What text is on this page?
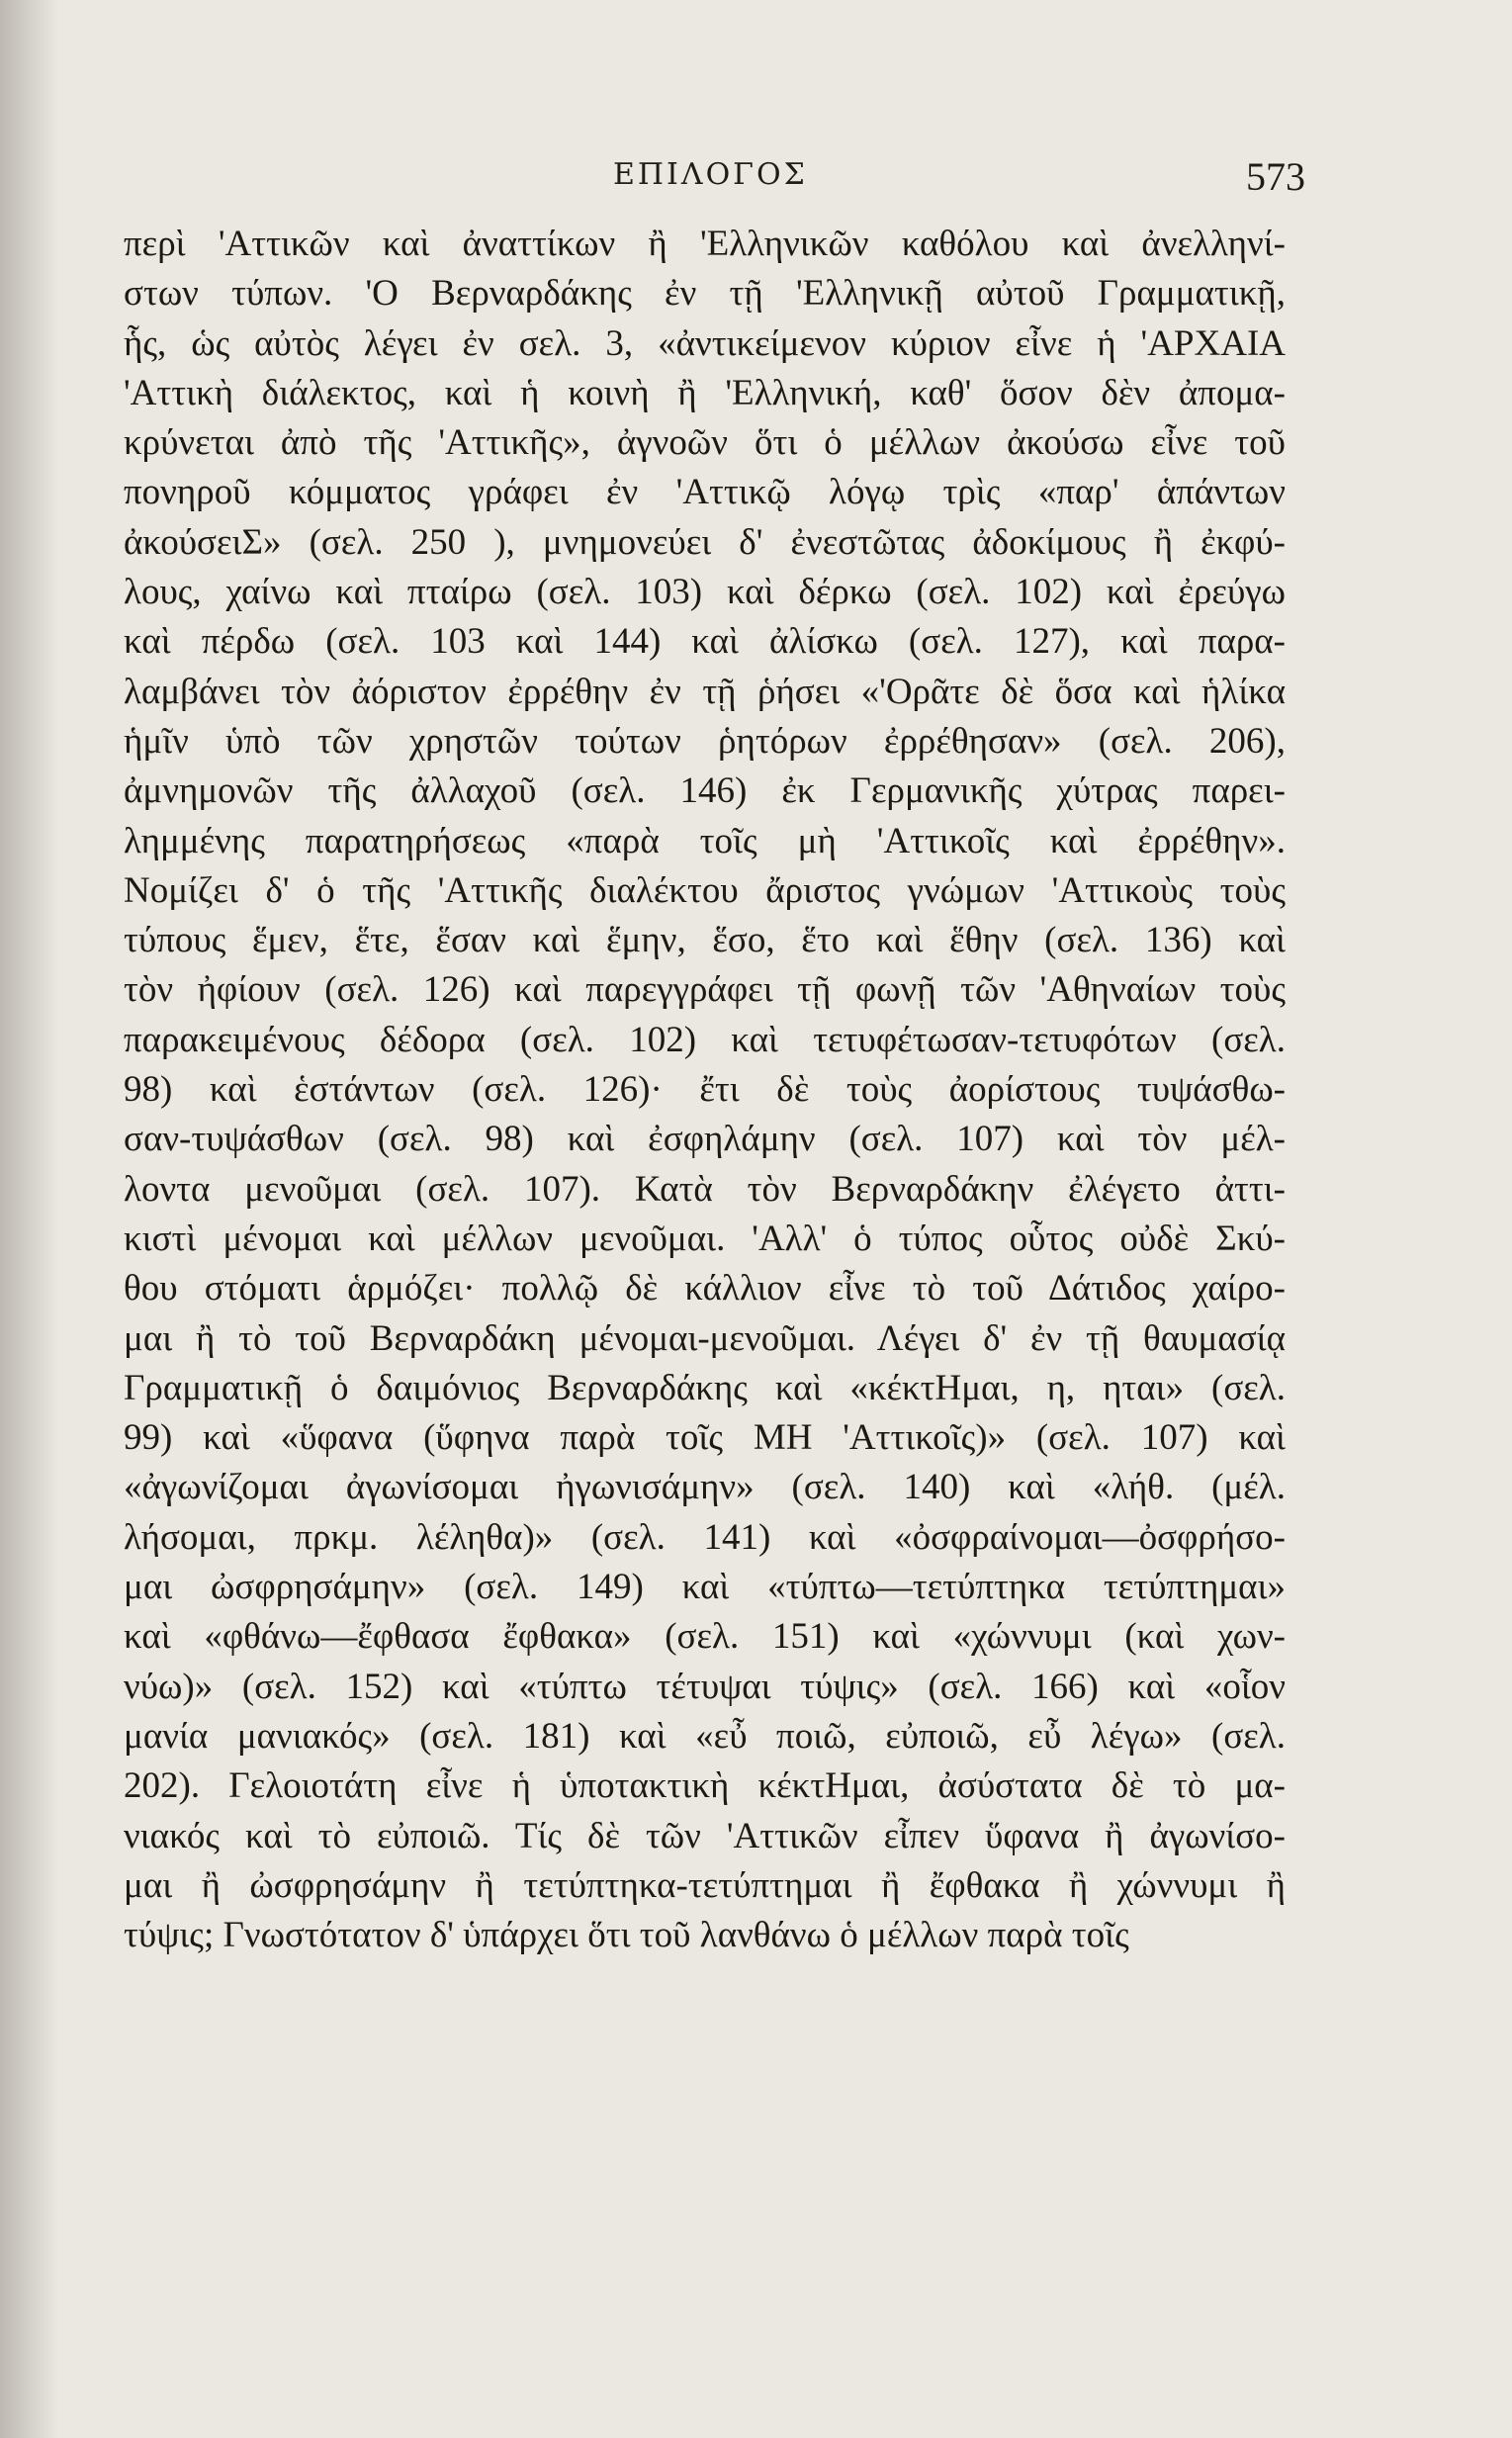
ΕΠΙΛΟΓΟΣ	573
περὶ 'Αττικῶν καὶ ἀναττίκων ἢ 'Ελληνικῶν καθόλου καὶ ἀνελληνί-
στων τύπων. 'Ο Βερναρδάκης ἐν τῇ 'Ελληνικῇ αὐτοῦ Γραμματικῇ,
ἧς, ὡς αὐτὸς λέγει ἐν σελ. 3, «ἀντικείμενον κύριον εἶνε ἡ 'ΑΡΧΑΙΑ
'Αττικὴ διάλεκτος, καὶ ἡ κοινὴ ἢ 'Ελληνική, καθ' ὅσον δὲν ἀπομα-
κρύνεται ἀπὸ τῆς 'Αττικῆς», ἀγνοῶν ὅτι ὁ μέλλων ἀκούσω εἶνε τοῦ
πονηροῦ κόμματος γράφει ἐν 'Αττικῷ λόγῳ τρὶς «παρ' ἁπάντων
ἀκούσειΣ» (σελ. 250 ), μνημονεύει δ' ἐνεστῶτας ἀδοκίμους ἢ ἐκφύ-
λους, χαίνω καὶ πταίρω (σελ. 103) καὶ δέρκω (σελ. 102) καὶ ἐρεύγω
καὶ πέρδω (σελ. 103 καὶ 144) καὶ ἀλίσκω (σελ. 127), καὶ παρα-
λαμβάνει τὸν ἀόριστον ἐρρέθην ἐν τῇ ῥήσει «'Ορᾶτε δὲ ὅσα καὶ ἡλίκα
ἡμῖν ὑπὸ τῶν χρηστῶν τούτων ῥητόρων ἐρρέθησαν» (σελ. 206),
ἀμνημονῶν τῆς ἀλλαχοῦ (σελ. 146) ἐκ Γερμανικῆς χύτρας παρει-
λημμένης παρατηρήσεως «παρὰ τοῖς μὴ 'Αττικοῖς καὶ ἐρρέθην».
Νομίζει δ' ὁ τῆς 'Αττικῆς διαλέκτου ἄριστος γνώμων 'Αττικοὺς τοὺς
τύπους ἕμεν, ἕτε, ἕσαν καὶ ἕμην, ἕσο, ἕτο καὶ ἕθην (σελ. 136) καὶ
τὸν ἠφίουν (σελ. 126) καὶ παρεγγράφει τῇ φωνῇ τῶν 'Αθηναίων τοὺς
παρακειμένους δέδορα (σελ. 102) καὶ τετυφέτωσαν-τετυφότων (σελ.
98) καὶ ἑστάντων (σελ. 126)· ἔτι δὲ τοὺς ἀορίστους τυψάσθω-
σαν-τυψάσθων (σελ. 98) καὶ ἐσφηλάμην (σελ. 107) καὶ τὸν μέλ-
λοντα μενοῦμαι (σελ. 107). Κατὰ τὸν Βερναρδάκην ἐλέγετο ἀττι-
κιστὶ μένομαι καὶ μέλλων μενοῦμαι. 'Αλλ' ὁ τύπος οὗτος οὐδὲ Σκύ-
θου στόματι ἁρμόζει· πολλῷ δὲ κάλλιον εἶνε τὸ τοῦ Δάτιδος χαίρο-
μαι ἢ τὸ τοῦ Βερναρδάκη μένομαι-μενοῦμαι. Λέγει δ' ἐν τῇ θαυμασίᾳ
Γραμματικῇ ὁ δαιμόνιος Βερναρδάκης καὶ «κέκτΗμαι, η, ηται» (σελ.
99) καὶ «ὕφανα (ὕφηνα παρὰ τοῖς ΜΗ 'Αττικοῖς)» (σελ. 107) καὶ
«ἀγωνίζομαι ἀγωνίσομαι ἠγωνισάμην» (σελ. 140) καὶ «λήθ. (μέλ.
λήσομαι, πρκμ. λέληθα)» (σελ. 141) καὶ «ὀσφραίνομαι—ὀσφρήσο-
μαι ὠσφρησάμην» (σελ. 149) καὶ «τύπτω—τετύπτηκα τετύπτημαι»
καὶ «φθάνω—ἔφθασα ἔφθακα» (σελ. 151) καὶ «χώννυμι (καὶ χων-
νύω)» (σελ. 152) καὶ «τύπτω τέτυψαι τύψις» (σελ. 166) καὶ «οἷον
μανία μανιακός» (σελ. 181) καὶ «εὖ ποιῶ, εὐποιῶ, εὖ λέγω» (σελ.
202). Γελοιοτάτη εἶνε ἡ ὑποτακτικὴ κέκτΗμαι, ἀσύστατα δὲ τὸ μα-
νιακός καὶ τὸ εὐποιῶ. Τίς δὲ τῶν 'Αττικῶν εἶπεν ὕφανα ἢ ἀγωνίσο-
μαι ἢ ὠσφρησάμην ἢ τετύπτηκα-τετύπτημαι ἢ ἔφθακα ἢ χώννυμι ἢ
τύψις; Γνωστότατον δ' ὑπάρχει ὅτι τοῦ λανθάνω ὁ μέλλων παρὰ τοῖς
